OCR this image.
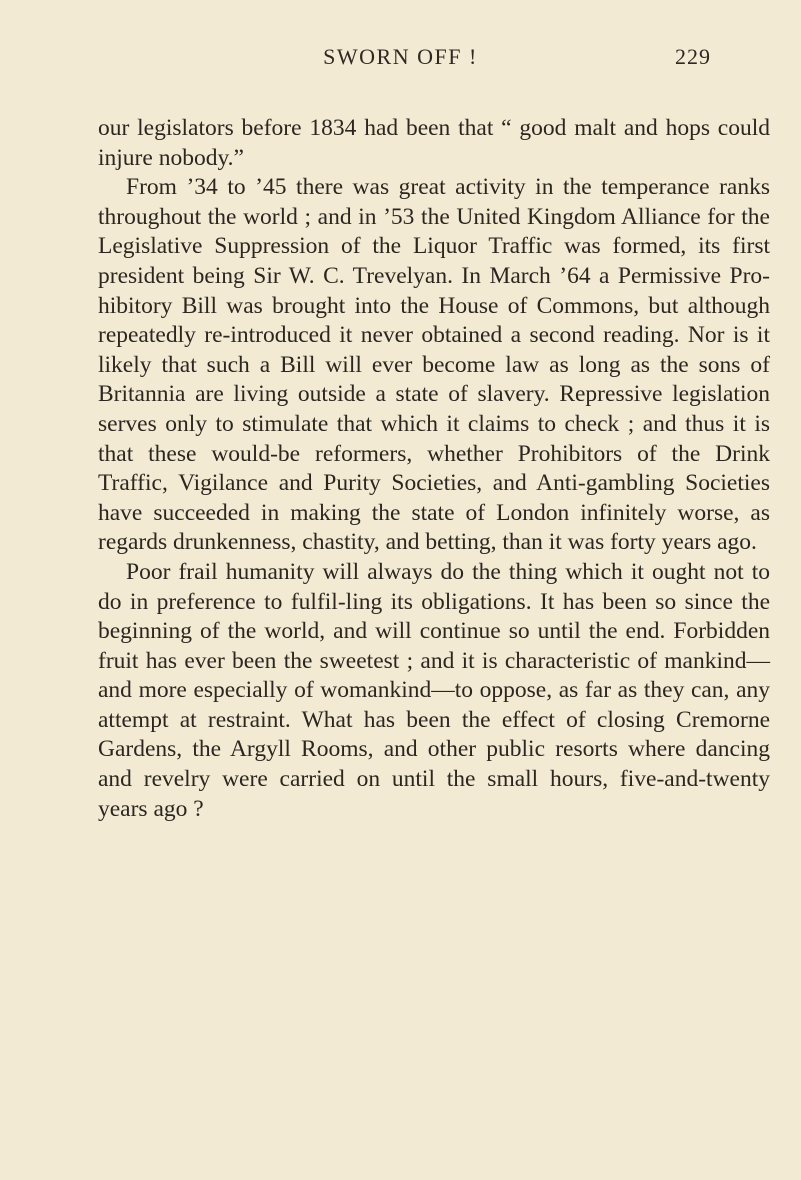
SWORN OFF !	229

our legislators before 1834 had been that “ good malt and hops could injure nobody.”

From ’34 to ’45 there was great activity in the temperance ranks throughout the world ; and in ’53 the United Kingdom Alliance for the Legislative Suppression of the Liquor Traffic was formed, its first president being Sir W. C. Trevelyan. In March ’64 a Permissive Pro-hibitory Bill was brought into the House of Commons, but although repeatedly re-introduced it never obtained a second reading. Nor is it likely that such a Bill will ever become law as long as the sons of Britannia are living outside a state of slavery. Repressive legislation serves only to stimulate that which it claims to check ; and thus it is that these would-be reformers, whether Prohibitors of the Drink Traffic, Vigilance and Purity Societies, and Anti-gambling Societies have succeeded in making the state of London infinitely worse, as regards drunkenness, chastity, and betting, than it was forty years ago.

Poor frail humanity will always do the thing which it ought not to do in preference to fulfil-ling its obligations. It has been so since the beginning of the world, and will continue so until the end. Forbidden fruit has ever been the sweetest ; and it is characteristic of mankind— and more especially of womankind—to oppose, as far as they can, any attempt at restraint. What has been the effect of closing Cremorne Gardens, the Argyll Rooms, and other public resorts where dancing and revelry were carried on until the small hours, five-and-twenty years ago ?
